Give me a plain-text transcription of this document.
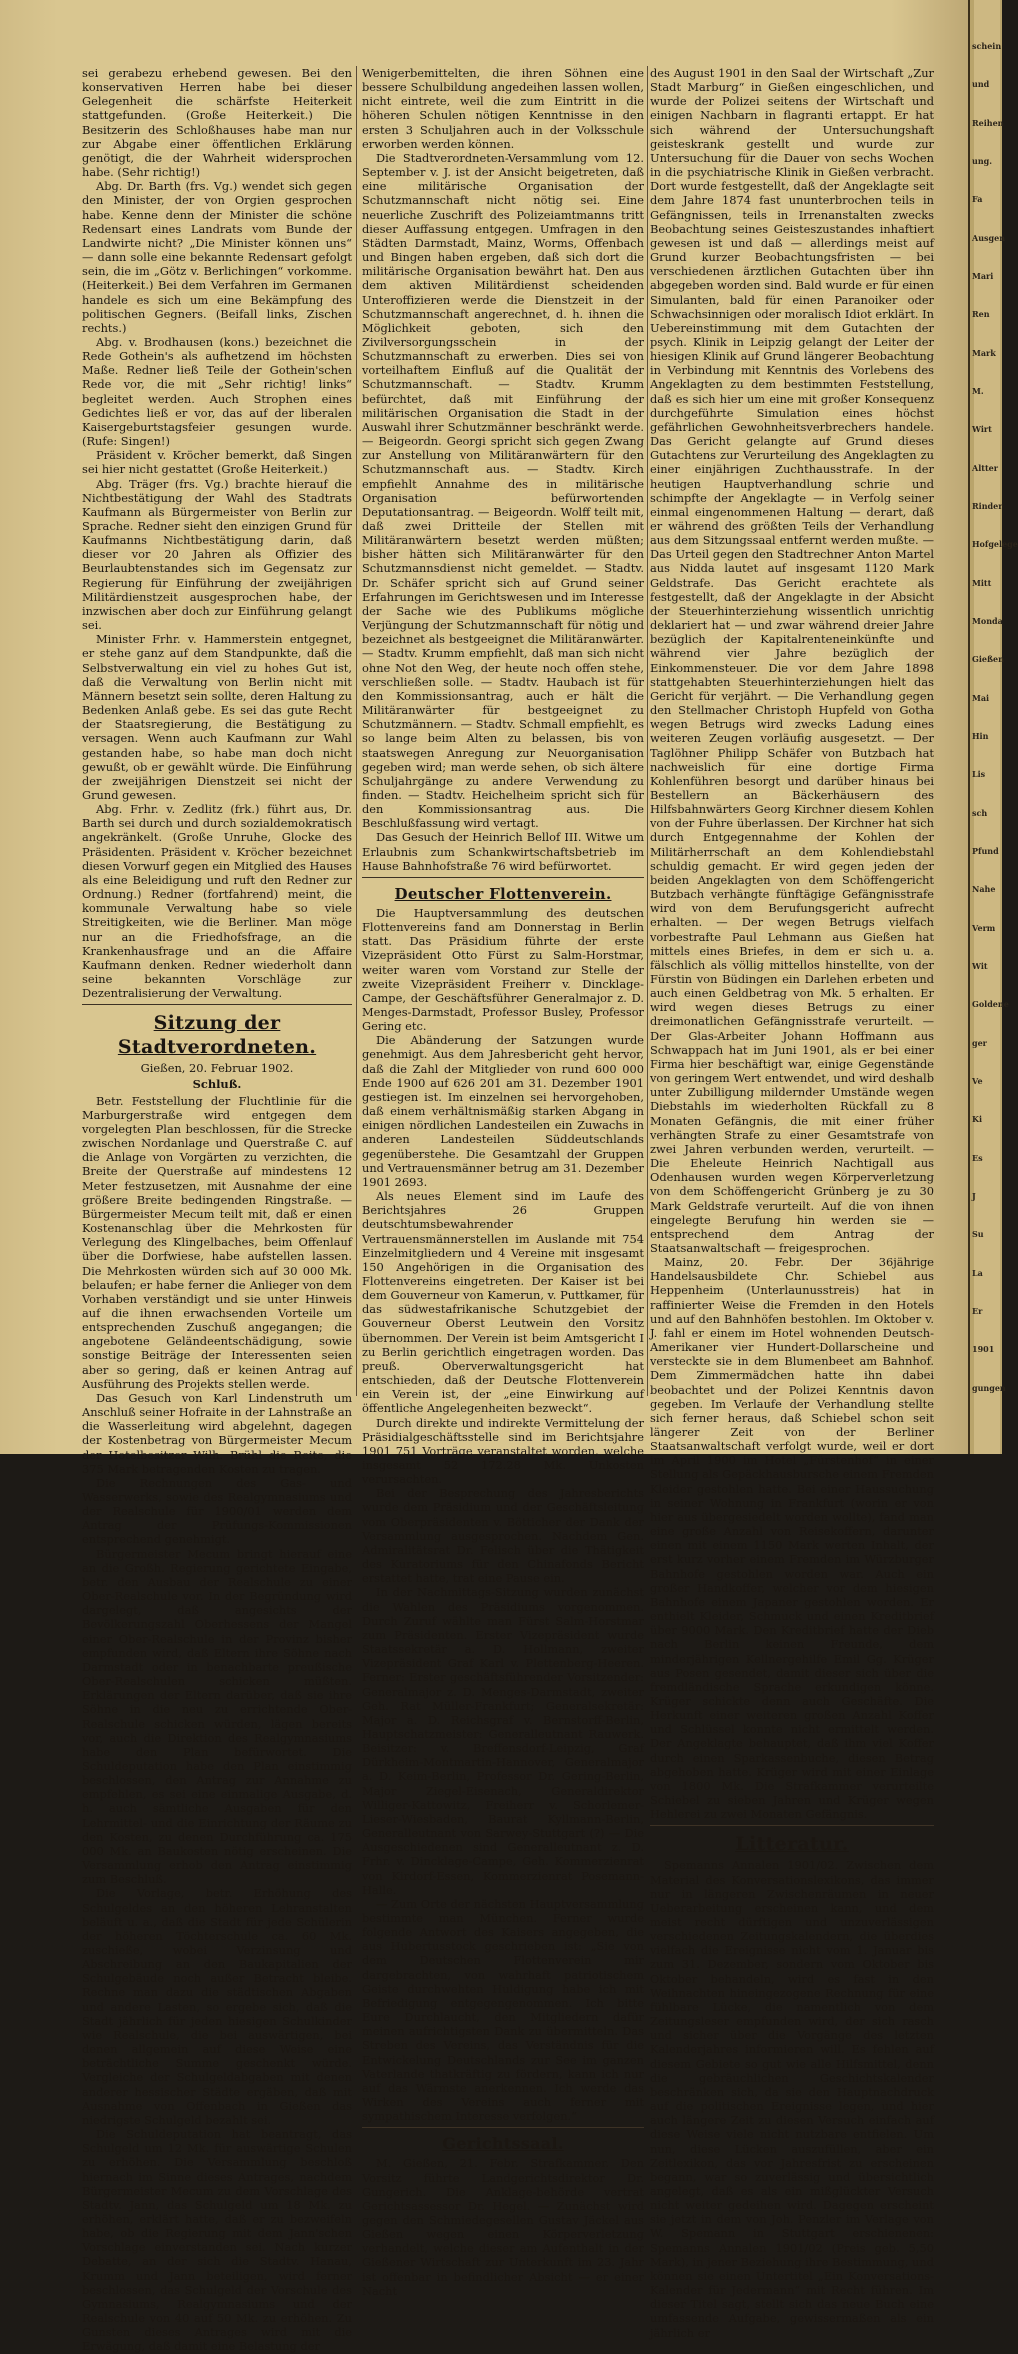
sei gerabezu erhebend gewesen. Bei den konservativen Herren habe bei dieser Gelegenheit die schärfste Heiterkeit stattgefunden. (Große Heiterkeit.) Die Besitzerin des Schloßhauses habe man nur zur Abgabe einer öffentlichen Erklärung genötigt, die der Wahrheit widersprochen habe. (Sehr richtig!)

Abg. Dr. Barth (frs. Vg.) wendet sich gegen den Minister, der von Orgien gesprochen habe. Kenne denn der Minister die schöne Redensart eines Landrats vom Bunde der Landwirte nicht? „Die Minister können uns“ — dann solle eine bekannte Redensart gefolgt sein, die im „Götz v. Berlichingen“ vorkomme. (Heiterkeit.) Bei dem Verfahren im Germanen handele es sich um eine Bekämpfung des politischen Gegners. (Beifall links, Zischen rechts.)

Abg. v. Brodhausen (kons.) bezeichnet die Rede Gothein's als aufhetzend im höchsten Maße. Redner ließ Teile der Gothein'schen Rede vor, die mit „Sehr richtig! links“ begleitet werden. Auch Strophen eines Gedichtes ließ er vor, das auf der liberalen Kaisergeburtstagsfeier gesungen wurde. (Rufe: Singen!)

Präsident v. Kröcher bemerkt, daß Singen sei hier nicht gestattet (Große Heiterkeit.)

Abg. Träger (frs. Vg.) brachte hierauf die Nichtbestätigung der Wahl des Stadtrats Kaufmann als Bürgermeister von Berlin zur Sprache. Redner sieht den einzigen Grund für Kaufmanns Nichtbestätigung darin, daß dieser vor 20 Jahren als Offizier des Beurlaubtenstandes sich im Gegensatz zur Regierung für Einführung der zweijährigen Militärdienstzeit ausgesprochen habe, der inzwischen aber doch zur Einführung gelangt sei.

Minister Frhr. v. Hammerstein entgegnet, er stehe ganz auf dem Standpunkte, daß die Selbstverwaltung ein viel zu hohes Gut ist, daß die Verwaltung von Berlin nicht mit Männern besetzt sein sollte, deren Haltung zu Bedenken Anlaß gebe. Es sei das gute Recht der Staatsregierung, die Bestätigung zu versagen. Wenn auch Kaufmann zur Wahl gestanden habe, so habe man doch nicht gewußt, ob er gewählt würde. Die Einführung der zweijährigen Dienstzeit sei nicht der Grund gewesen.

Abg. Frhr. v. Zedlitz (frk.) führt aus, Dr. Barth sei durch und durch sozialdemokratisch angekränkelt. (Große Unruhe, Glocke des Präsidenten. Präsident v. Kröcher bezeichnet diesen Vorwurf gegen ein Mitglied des Hauses als eine Beleidigung und ruft den Redner zur Ordnung.) Redner (fortfahrend) meint, die kommunale Verwaltung habe so viele Streitigkeiten, wie die Berliner. Man möge nur an die Friedhofsfrage, an die Krankenhausfrage und an die Affaire Kaufmann denken. Redner wiederholt dann seine bekannten Vorschläge zur Dezentralisierung der Verwaltung.

Sitzung der Stadtverordneten.
Gießen, 20. Februar 1902.
Schluß.

Betr. Feststellung der Fluchtlinie für die Marburgerstraße wird entgegen dem vorgelegten Plan beschlossen, für die Strecke zwischen Nordanlage und Querstraße C. auf die Anlage von Vorgärten zu verzichten, die Breite der Querstraße auf mindestens 12 Meter festzusetzen, mit Ausnahme der eine größere Breite bedingenden Ringstraße. — Bürgermeister Mecum teilt mit, daß er einen Kostenanschlag über die Mehrkosten für Verlegung des Klingelbaches, beim Offenlauf über die Dorfwiese, habe aufstellen lassen. Die Mehrkosten würden sich auf 30 000 Mk. belaufen; er habe ferner die Anlieger von dem Vorhaben verständigt und sie unter Hinweis auf die ihnen erwachsenden Vorteile um entsprechenden Zuschuß angegangen; die angebotene Geländeentschädigung, sowie sonstige Beiträge der Interessenten seien aber so gering, daß er keinen Antrag auf Ausführung des Projekts stellen werde.

Das Gesuch von Karl Lindenstruth um Anschluß seiner Hofraite in der Lahnstraße an die Wasserleitung wird abgelehnt, dagegen der Kostenbetrag von Bürgermeister Mecum der Hotelbesitzer Wilh. Brühl die Reite, die 375 Mark betragenden Kosten zu tragen.

Die Rechnungen des Gas- und Wasserwerks, sowie des Realgymnasiums und der Realschule für 1900/01 werden dem Antrag der Prüfungs-Kommissionen entsprechend genehmigt.

Bürgermeister Mecum bringt hierauf eine an die Großh. Regierung gerichtete Eingabe, betr. den Ausbau der Realschule zu einer Ober-Realschule vor. In der Begründung wird dargelegt, daß angesichts der Bevölkerungszahl Oberhessens der Mangel einer Ober-Realschule in der Provinz bisher empfunden wird, daß Eltern ihre Söhne nach Darmstadt oder in benachbarte preußische Ober-Realschulen schicken müßten. Erklärungen der Eltern darüber, daß sie ihre Söhne in die neu zu errichtende Ober-Realschule schicken würden, lägen bereits vor, auch die Direktion des Realgymnasiums habe den Plan befürwortet. Die Schuldeputation habe den Plan einstimmig beschlossen, den Antrag zur Annahme zu empfehlen, es sei eine einmalige Ausgabe, d. h. auch sämtliche Ausgaben für den Lehrmittel- und die Einrichtung der Räume zu den Kosten, zu denen Durchführung ca. 175 000 Mk. an Baukosten nötig erscheinen. Die Versammlung erhob den Antrag einstimmig zum Beschluß.

Die Vorlage, betr. Erhöhung des Schulgeldes an den höheren Lehranstalten beläuft u. a., daß die Stadt für jede Schülerin der höheren Töchterschule ca. 60 Mk. zuschieße, wobei Verzinsung und Abschreibung an den Baukapitalien der Schulgebäude noch außer Betracht bleibe. Rechne man dazu die städtischen Abgaben und andere Lasten, so ergebe sich, daß die Stadt jährlich für jeden hiesigen Schulkinder wie Realschule, die bei auswärtigen, bei denen allgemein auf diese Weise eine beträchtliche Summe geschenkt würde. Vergleiche der Schulgeldabgaben mit denen anderer hessischer Städte ergäben, daß mit Ausnahme von Offenbach in Gießen das niedrigste Schulgeld bezahlt sei.

Die Schuldeputation hat beantragt, das Schulgeld um 12 Mk. für auswärtige Schulen zu erhöhen. Die Versammlung beschloß hiernach im Sinne dieses Antrages, nachdem Bürgermeister Mecum zu dem Vorschlage des Stadtv. Jann, das Schulgeld um 18 Mk. zu erhöhen, erklärt hatte, daß er zu bezweifeln habe, ob die Regierung mit dem Jann'schen Vorschlage einverstanden sei. Nach kurzer Debatte, an der sich die Stadtv. Hanau, Krumm und Jann beteiligen, wird ferner beschlossen, das Schulgeld der Vorschule des Gymnasiums, Realgymnasiums und der Realschule von 40 auf 50 Mk. zu erhöhen. Zu Gunsten dieses Antrages wird mit die Erwägung, daß damit eine Belastung der

Wenigerbemittelten, die ihren Söhnen eine bessere Schulbildung angedeihen lassen wollen, nicht eintrete, weil die zum Eintritt in die höheren Schulen nötigen Kenntnisse in den ersten 3 Schuljahren auch in der Volksschule erworben werden können.

Die Stadtverordneten-Versammlung vom 12. September v. J. ist der Ansicht beigetreten, daß eine militärische Organisation der Schutzmannschaft nicht nötig sei. Eine neuerliche Zuschrift des Polizeiamtmanns tritt dieser Auffassung entgegen. Umfragen in den Städten Darmstadt, Mainz, Worms, Offenbach und Bingen haben ergeben, daß sich dort die militärische Organisation bewährt hat. Den aus dem aktiven Militärdienst scheidenden Unteroffizieren werde die Dienstzeit in der Schutzmannschaft angerechnet, d. h. ihnen die Möglichkeit geboten, sich den Zivilversorgungsschein in der Schutzmannschaft zu erwerben. Dies sei von vorteilhaftem Einfluß auf die Qualität der Schutzmannschaft. — Stadtv. Krumm befürchtet, daß mit Einführung der militärischen Organisation die Stadt in der Auswahl ihrer Schutzmänner beschränkt werde. — Beigeordn. Georgi spricht sich gegen Zwang zur Anstellung von Militäranwärtern für den Schutzmannschaft aus. — Stadtv. Kirch empfiehlt Annahme des in militärische Organisation befürwortenden Deputationsantrag. — Beigeordn. Wolff teilt mit, daß zwei Dritteile der Stellen mit Militäranwärtern besetzt werden müßten; bisher hätten sich Militäranwärter für den Schutzmannsdienst nicht gemeldet. — Stadtv. Dr. Schäfer spricht sich auf Grund seiner Erfahrungen im Gerichtswesen und im Interesse der Sache wie des Publikums mögliche Verjüngung der Schutzmannschaft für nötig und bezeichnet als bestgeeignet die Militäranwärter. — Stadtv. Krumm empfiehlt, daß man sich nicht ohne Not den Weg, der heute noch offen stehe, verschließen solle. — Stadtv. Haubach ist für den Kommissionsantrag, auch er hält die Militäranwärter für bestgeeignet zu Schutzmännern. — Stadtv. Schmall empfiehlt, es so lange beim Alten zu belassen, bis von staatswegen Anregung zur Neuorganisation gegeben wird; man werde sehen, ob sich ältere Schuljahrgänge zu andere Verwendung zu finden. — Stadtv. Heichelheim spricht sich für den Kommissionsantrag aus. Die Beschlußfassung wird vertagt.

Das Gesuch der Heinrich Bellof III. Witwe um Erlaubnis zum Schankwirtschaftsbetrieb im Hause Bahnhofstraße 76 wird befürwortet.

Deutscher Flottenverein.

Die Hauptversammlung des deutschen Flottenvereins fand am Donnerstag in Berlin statt. Das Präsidium führte der erste Vizepräsident Otto Fürst zu Salm-Horstmar, weiter waren vom Vorstand zur Stelle der zweite Vizepräsident Freiherr v. Dincklage-Campe, der Geschäftsführer Generalmajor z. D. Menges-Darmstadt, Professor Busley, Professor Gering etc.

Die Abänderung der Satzungen wurde genehmigt. Aus dem Jahresbericht geht hervor, daß die Zahl der Mitglieder von rund 600 000 Ende 1900 auf 626 201 am 31. Dezember 1901 gestiegen ist. Im einzelnen sei hervorgehoben, daß einem verhältnismäßig starken Abgang in einigen nördlichen Landesteilen ein Zuwachs in anderen Landesteilen Süddeutschlands gegenüberstehe. Die Gesamtzahl der Gruppen und Vertrauensmänner betrug am 31. Dezember 1901 2693.

Als neues Element sind im Laufe des Berichtsjahres 26 Gruppen deutschtumsbewahrender Vertrauensmännerstellen im Auslande mit 754 Einzelmitgliedern und 4 Vereine mit insgesamt 150 Angehörigen in die Organisation des Flottenvereins eingetreten. Der Kaiser ist bei dem Gouverneur von Kamerun, v. Puttkamer, für das südwestafrikanische Schutzgebiet der Gouverneur Oberst Leutwein den Vorsitz übernommen. Der Verein ist beim Amtsgericht I zu Berlin gerichtlich eingetragen worden. Das preuß. Oberverwaltungsgericht hat entschieden, daß der Deutsche Flottenverein ein Verein ist, der „eine Einwirkung auf öffentliche Angelegenheiten bezweckt“.

Durch direkte und indirekte Vermittelung der Präsidialgeschäftsstelle sind im Berichtsjahre 1901 751 Vorträge veranstaltet worden, welche insgesamt 52 172.28 Mk. Unkosten verursachten.

Bei der Besprechung des Jahresberichts wurde dem Präsidium und der Geschäftsleitung vom Oberpräsidenten v. Bötticher der Dank der Versammlung ausgesprochen. Nachdem Gen. Admiralitätsrat Dr. Felisch über die Thätigkeit des Kuratoriums für den Chinafonds Bericht erstattet hatte, trat eine Pause ein.

In der Nachmittags-Sitzung wurden zunächst die Wahlen des Präsidiums vorgenommen. Durch Zuruf wählte man Fürst Salm-Horstmar zum Präsidenten. Erster Vizepräsident wurde Staatssekretär a. D. Hollmann, zweiter Vizepräsident Graf Karl v. Plettenberg-Heeren. Ferner: Erster geschäftsführender Vorsitzender: Generalmajor z. D. Menges-Darmstadt, zweiter Geh. Rat Müller-Frankfurt; Generalsekretär: Major a. D. Reichsgraf v. Bernstorff-Berlin, Hauptschatzmeister: Generalleutnant Rauwerk. Beisitzer: v. Breffensdorf-Leipzig, Graf Dürkheim-Montmartin-Hannover, Generalmajor a. D. Keim-Berlin, Professor Dr. Gering-Berlin, Major Ziegel-Eisenach, Generaldirektor Williger-Kattowitz, Freiherr v. Schorlemer-Lieser-Wiesbaden, Baurat Kyllmann-Berlin, Generalleutnant von Sarwey-Stuttgart (?) — Die Ausgeschiedenen sind Generalleutnant z. D. Frhr. v. Dincklage-Campe, Geh. Kommerzienrat von Kirdorf-Essen, Kommerzienrat Posemann-Halle.

— Zum Orte der nächsten Hauptversammlung bestimmte man München. Ferner wurde folgende Antwort des Kaisers angegeben, die aus Hubertusstock geschrieben ist: „Sie von dem Deutschen Flottenverein mir dargebrachten, von wahrhaft patriotischem Geiste durchwehten Huldigung habe ich mit Befriedigung entgegengenommen. Ich bitte Eure Durchlaucht, den Mitgliedern dafür meinen aufrichtigsten Dank zu übermitteln. Das Streben des Vereins, das Verständnis für die Entwickelung Deutschlands zur See im ganzen Vaterlande thatkräftig zu fördern, kann ich nur auf das Wärmste anerkennen. Ich werde das Wirken des Vereins auch ferner mit sympathischem Interesse verfolgen.“

Gerichtssaal.

M. Gießen, 21. Febr. Strafkammer. Den Vorsitz führte Landgerichtsdirektor Dr. Gungerich. Die Anklage-behörde vertrat Gerichtsassessor Dr. Hegel. — Zunächst wird gegen den Schmiedegesellen Gustav Jäckel aus Gießen wegen einen Körperverletzung verhandelt, welche dieser am Aufenthalt in der Gießener Wirtschaft zur Unterkunft im 23. Jahr ist offenbar in befindlicher Absicht — er einer Nacht

des August 1901 in den Saal der Wirtschaft „Zur Stadt Marburg“ in Gießen eingeschlichen, und wurde der Polizei seitens der Wirtschaft und einigen Nachbarn in flagranti ertappt. Er hat sich während der Untersuchungshaft geisteskrank gestellt und wurde zur Untersuchung für die Dauer von sechs Wochen in die psychiatrische Klinik in Gießen verbracht. Dort wurde festgestellt, daß der Angeklagte seit dem Jahre 1874 fast ununterbrochen teils in Gefängnissen, teils in Irrenanstalten zwecks Beobachtung seines Geisteszustandes inhaftiert gewesen ist und daß — allerdings meist auf Grund kurzer Beobachtungsfristen — bei verschiedenen ärztlichen Gutachten über ihn abgegeben worden sind. Bald wurde er für einen Simulanten, bald für einen Paranoiker oder Schwachsinnigen oder moralisch Idiot erklärt. In Uebereinstimmung mit dem Gutachten der psych. Klinik in Leipzig gelangt der Leiter der hiesigen Klinik auf Grund längerer Beobachtung in Verbindung mit Kenntnis des Vorlebens des Angeklagten zu dem bestimmten Feststellung, daß es sich hier um eine mit großer Konsequenz durchgeführte Simulation eines höchst gefährlichen Gewohnheitsverbrechers handele. Das Gericht gelangte auf Grund dieses Gutachtens zur Verurteilung des Angeklagten zu einer einjährigen Zuchthausstrafe. In der heutigen Hauptverhandlung schrie und schimpfte der Angeklagte — in Verfolg seiner einmal eingenommenen Haltung — derart, daß er während des größten Teils der Verhandlung aus dem Sitzungssaal entfernt werden mußte. — Das Urteil gegen den Stadtrechner Anton Martel aus Nidda lautet auf insgesamt 1120 Mark Geldstrafe. Das Gericht erachtete als festgestellt, daß der Angeklagte in der Absicht der Steuerhinterziehung wissentlich unrichtig deklariert hat — und zwar während dreier Jahre bezüglich der Kapitalrenteneinkünfte und während vier Jahre bezüglich der Einkommensteuer. Die vor dem Jahre 1898 stattgehabten Steuerhinterziehungen hielt das Gericht für verjährt. — Die Verhandlung gegen den Stellmacher Christoph Hupfeld von Gotha wegen Betrugs wird zwecks Ladung eines weiteren Zeugen vorläufig ausgesetzt. — Der Taglöhner Philipp Schäfer von Butzbach hat nachweislich für eine dortige Firma Kohlenführen besorgt und darüber hinaus bei Bestellern an Bäckerhäusern des Hilfsbahnwärters Georg Kirchner diesem Kohlen von der Fuhre überlassen. Der Kirchner hat sich durch Entgegennahme der Kohlen der Militärherrschaft an dem Kohlendiebstahl schuldig gemacht. Er wird gegen jeden der beiden Angeklagten von dem Schöffengericht Butzbach verhängte fünftägige Gefängnisstrafe wird von dem Berufungsgericht aufrecht erhalten. — Der wegen Betrugs vielfach vorbestrafte Paul Lehmann aus Gießen hat mittels eines Briefes, in dem er sich u. a. fälschlich als völlig mittellos hinstellte, von der Fürstin von Büdingen ein Darlehen erbeten und auch einen Geldbetrag von Mk. 5 erhalten. Er wird wegen dieses Betrugs zu einer dreimonatlichen Gefängnisstrafe verurteilt. — Der Glas-Arbeiter Johann Hoffmann aus Schwappach hat im Juni 1901, als er bei einer Firma hier beschäftigt war, einige Gegenstände von geringem Wert entwendet, und wird deshalb unter Zubilligung mildernder Umstände wegen Diebstahls im wiederholten Rückfall zu 8 Monaten Gefängnis, die mit einer früher verhängten Strafe zu einer Gesamtstrafe von zwei Jahren verbunden werden, verurteilt. — Die Eheleute Heinrich Nachtigall aus Odenhausen wurden wegen Körperverletzung von dem Schöffengericht Grünberg je zu 30 Mark Geldstrafe verurteilt. Auf die von ihnen eingelegte Berufung hin werden sie — entsprechend dem Antrag der Staatsanwaltschaft — freigesprochen.

Mainz, 20. Febr. Der 36jährige Handelsausbildete Chr. Schiebel aus Heppenheim (Unterlaunusstreis) hat in raffinierter Weise die Fremden in den Hotels und auf den Bahnhöfen bestohlen. Im Oktober v. J. fahl er einem im Hotel wohnenden Deutsch-Amerikaner vier Hundert-Dollarscheine und versteckte sie in dem Blumenbeet am Bahnhof. Dem Zimmermädchen hatte ihn dabei beobachtet und der Polizei Kenntnis davon gegeben. Im Verlaufe der Verhandlung stellte sich ferner heraus, daß Schiebel schon seit längerer Zeit von der Berliner Staatsanwaltschaft verfolgt wurde, weil er dort im April 1900 im Hotel „Fürstenhof“ in einer Stellung als Gepäckhausbursche einem Fremden Kleider gestohlen hatte. Bei einer Haussuchung in seiner Wohnung in Frankfurt (worin er von hier aus übergesiedelt worden wollte), fand man eine große Anzahl von Reisekoffern, darunter einen mit einem 1150 Mark werten Inhalt, der erst kurz vorher einem Fremden im Würzburger Bahnhofe gestohlen worden war. Auch ein großer Handkoffer, welcher vor dem hiesigen Bahnhofe einem Japaner gestohlen worden. Er enthielt Kleider, Schmuck und einen Kreditbrief über 9000 Mark. Den Kreditbrief hatte der Dieb nach Berlin keinen Freunde, dem minderjährigen Kellnergehilfe Emil Gg. Krüger aus Posen gesendet, damit dieser sich über die fremdländische Sprache erkundigen könne. Krüger schickte denn auch Geschäfte. Die Herkunft einer weiteren großen Anzahl Koffer und Schlüssel konnte nicht ermittelt werden. Der Angeklagte behauptet, daß ihm viel Koffer durch einen Sparkassenbuche, diesen Betrag abgehoben hatte. Krüger wird mit einer Einlage von 1800 Mk. Die Strafkammer verurteilte Schiebel zu sieben Jahren und Krüger wegen Hehlerei zu zwei Monaten Gefängnis.

Litteratur.

Spemanns Annalen 1901/02. Zwischen dem Material des Konversationslexikons, das immer nur in längeren Zwischenräumen in neuer Ueberarbeitung erscheinen kann, und dem meist recht dürftigen und unzuverlässigen verschiedenen Zeitungskalendern, die überdies vielfach die Ereignisse nicht vom 1. Januar bis zum 31. Dezember, sondern vom Oktober bis Oktober behandeln, wird es fast in den Weihnachten hineingezogene Rechnung für eine fühlbare Lücke, die namentlich von dem Zeitungsleser empfunden wird, der sich rasch und sicher über die Vorgänge des letzten Kalenderjahres informieren will. Es fehlen auf diesem Gebiete so gut wie alle Hilfsmittel, denn die gebräuchlichen Geschichtskalender beschränken sich, da sie den Hauptnachdruck auf die politischen Ereignisse legen, und hier auch längere Zeit zu diesen Versuch einfach auf diese Weise viele nicht nutzbare entfielen. Um nun, diese Lücken auszufüllen, aber ein Zeitlexikon, das vor Jahresfrist zu erscheinen begann, war so zuverlässig und übersichtlich angelegt, daß es als ein mißglückter Versuch nicht weiter gedeihen wird. Dagegen erscheint sie jetzt in dem von Joh. Penzler im Verlage von W. Spemann in Stuttgart erschienenen: Spemanns Annalen 1901/02 (Preis geb. 5,50 Mark), in jener Beziehung ihre Bestimmung, und können sie einen Untertitel „Ein Konversations-Kalender für Jedermann“ mit Recht führen. Im dieser Titel sagt, stellt sich das neue Buch eine umfassende Aufgabe, gewissermaßen als ein jährlich er

schein
und
Reihen
ung.
Fa
Ausgen
Mari
Ren
Mark
M.
Wirt
Altter
Rinder
Hofgelege
Mitt
Monda
Gießen
Mai
Hin
Lis
sch
Pfund
Nahe
Verm
Wit
Goldene
ger
Ve
Ki
Es
J
Su
La
Er
1901
gungen
